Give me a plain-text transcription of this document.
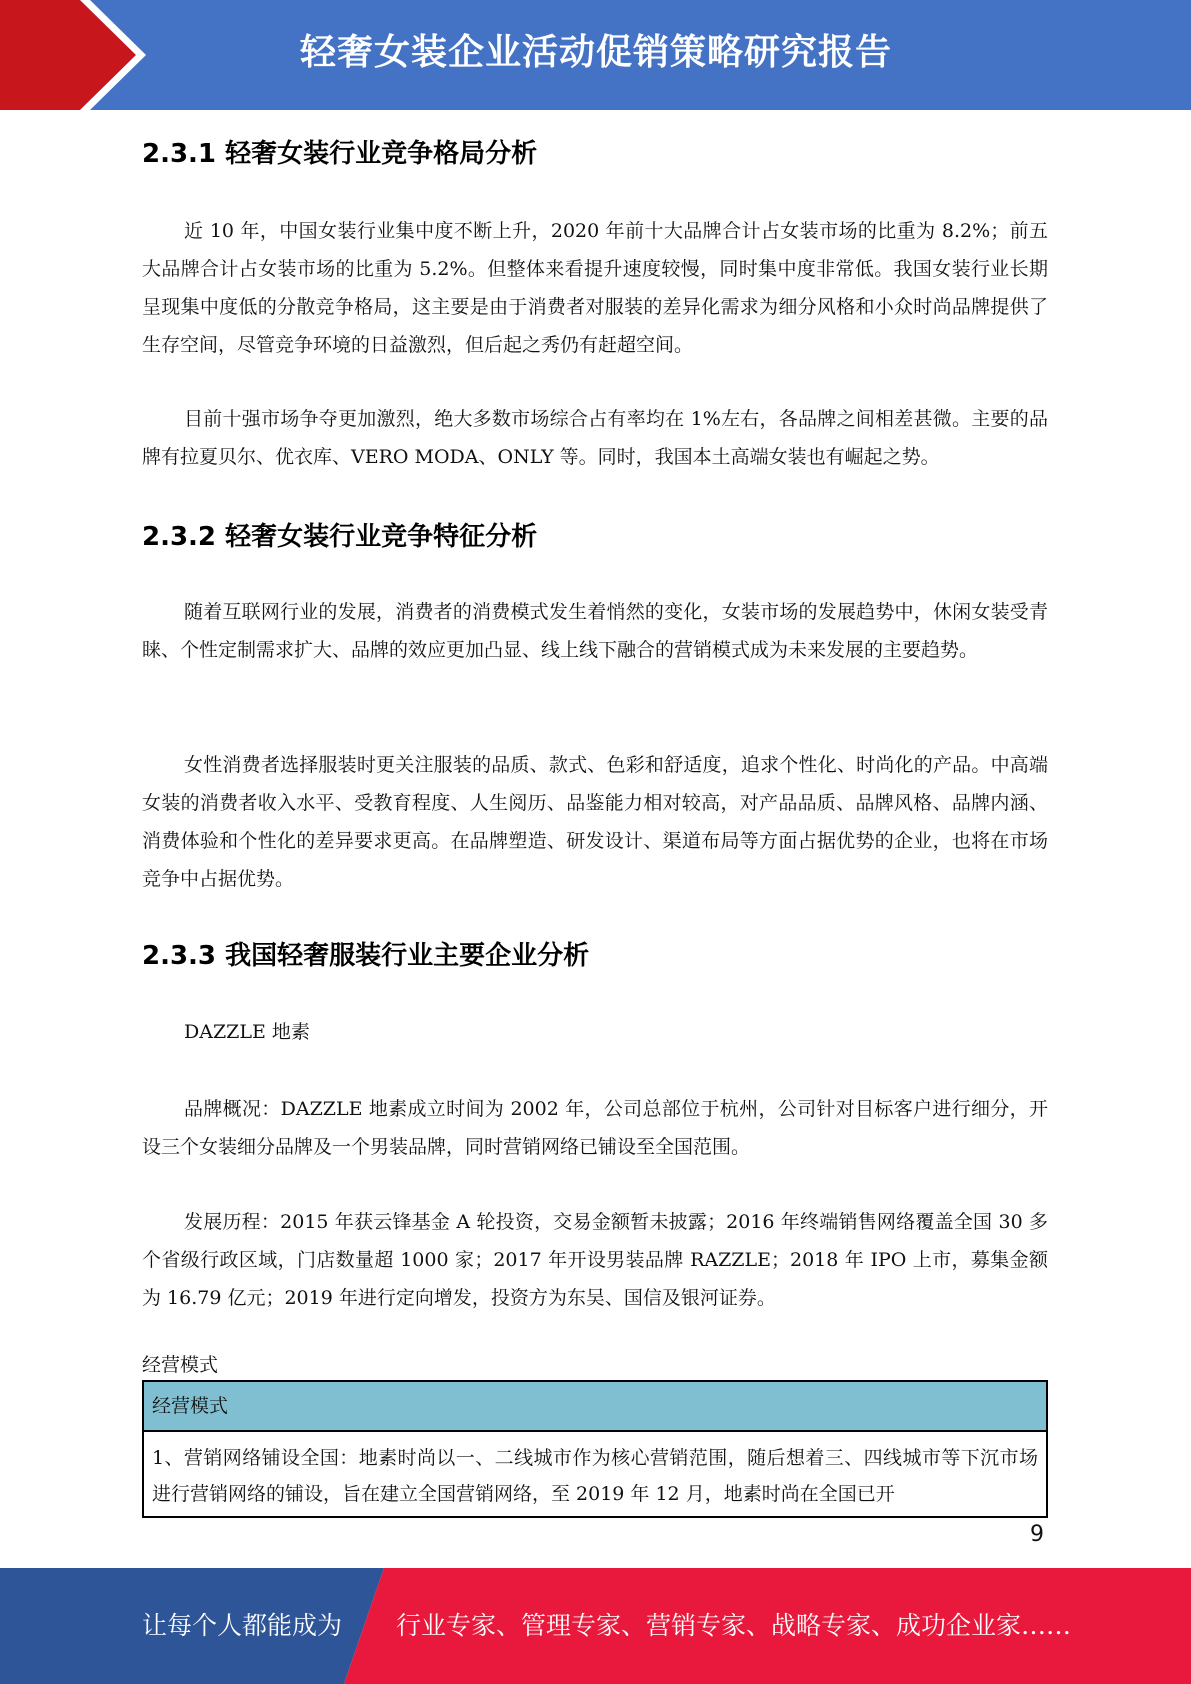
轻奢女装企业活动促销策略研究报告
2.3.1 轻奢女装行业竞争格局分析
近 10 年，中国女装行业集中度不断上升，2020 年前十大品牌合计占女装市场的比重为 8.2%；前五大品牌合计占女装市场的比重为 5.2%。但整体来看提升速度较慢，同时集中度非常低。我国女装行业长期呈现集中度低的分散竞争格局，这主要是由于消费者对服装的差异化需求为细分风格和小众时尚品牌提供了生存空间，尽管竞争环境的日益激烈，但后起之秀仍有赶超空间。
目前十强市场争夺更加激烈，绝大多数市场综合占有率均在 1%左右，各品牌之间相差甚微。主要的品牌有拉夏贝尔、优衣库、VERO MODA、ONLY 等。同时，我国本土高端女装也有崛起之势。
2.3.2 轻奢女装行业竞争特征分析
随着互联网行业的发展，消费者的消费模式发生着悄然的变化，女装市场的发展趋势中，休闲女装受青睐、个性定制需求扩大、品牌的效应更加凸显、线上线下融合的营销模式成为未来发展的主要趋势。
女性消费者选择服装时更关注服装的品质、款式、色彩和舒适度，追求个性化、时尚化的产品。中高端女装的消费者收入水平、受教育程度、人生阅历、品鉴能力相对较高，对产品品质、品牌风格、品牌内涵、消费体验和个性化的差异要求更高。在品牌塑造、研发设计、渠道布局等方面占据优势的企业，也将在市场竞争中占据优势。
2.3.3 我国轻奢服装行业主要企业分析
DAZZLE 地素
品牌概况：DAZZLE 地素成立时间为 2002 年，公司总部位于杭州，公司针对目标客户进行细分，开设三个女装细分品牌及一个男装品牌，同时营销网络已铺设至全国范围。
发展历程：2015 年获云锋基金 A 轮投资，交易金额暂未披露；2016 年终端销售网络覆盖全国 30 多个省级行政区域，门店数量超 1000 家；2017 年开设男装品牌 RAZZLE；2018 年 IPO 上市，募集金额为 16.79 亿元；2019 年进行定向增发，投资方为东吴、国信及银河证券。
经营模式
经营模式
1、营销网络铺设全国：地素时尚以一、二线城市作为核心营销范围，随后想着三、四线城市等下沉市场进行营销网络的铺设，旨在建立全国营销网络，至 2019 年 12 月，地素时尚在全国已开
9
让每个人都能成为 行业专家、管理专家、营销专家、战略专家、成功企业家……
